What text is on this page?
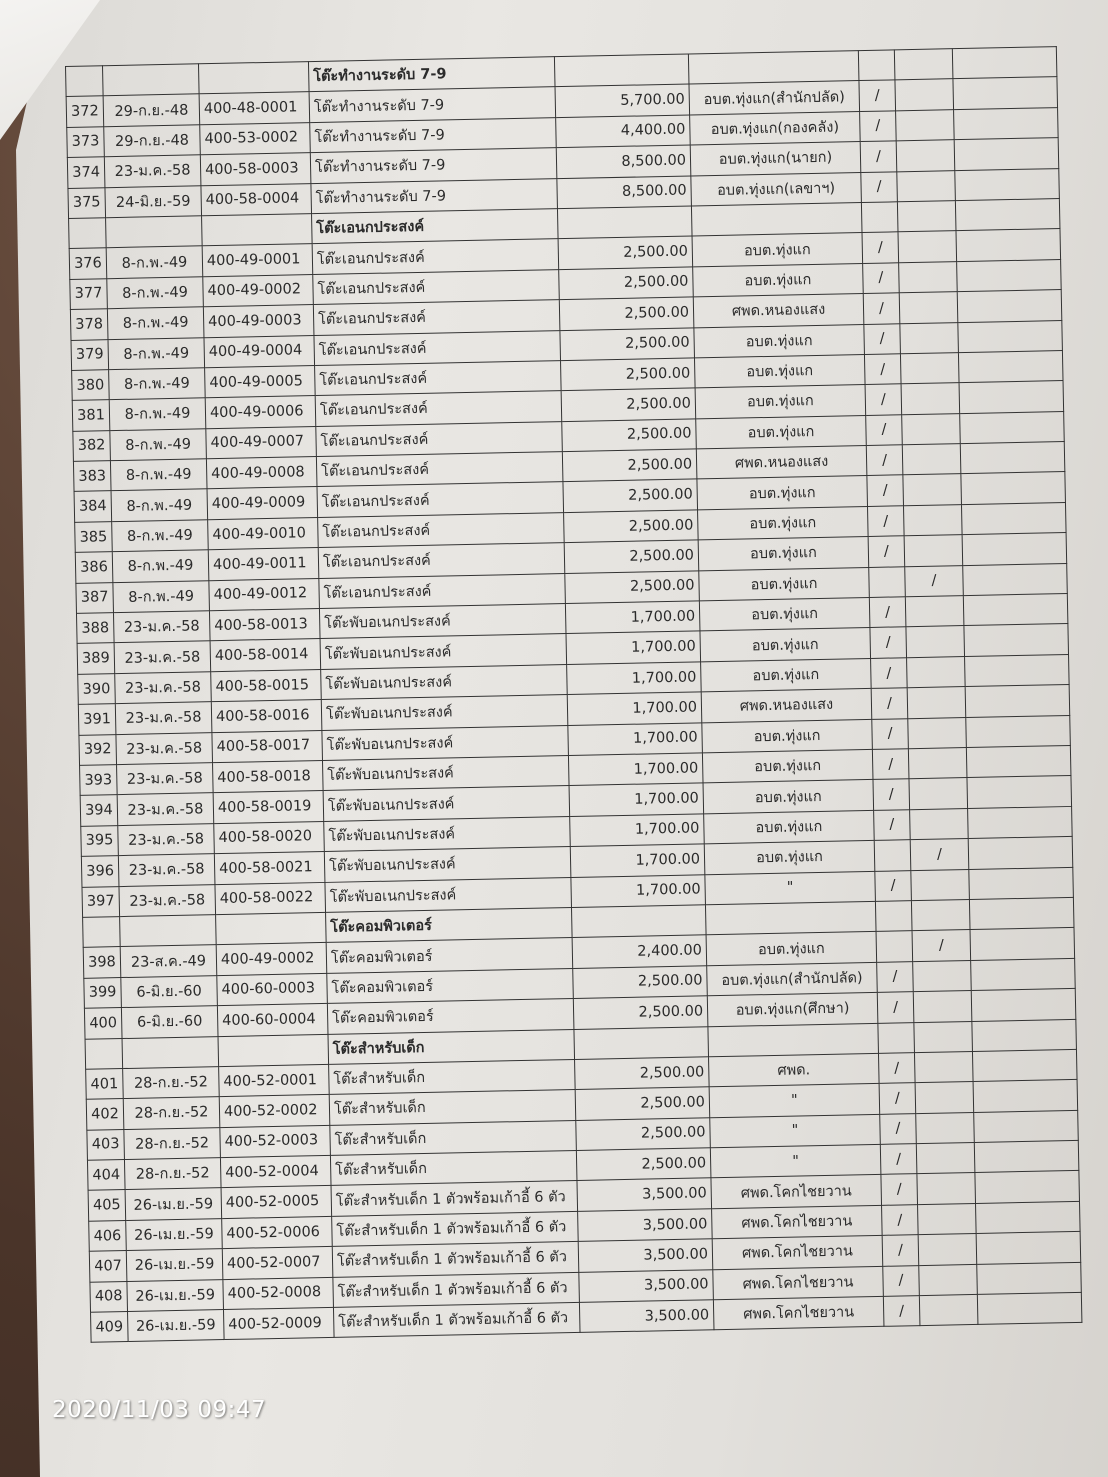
			โต๊ะทำงานระดับ 7-9					
372	29-ก.ย.-48	400-48-0001	โต๊ะทำงานระดับ 7-9	5,700.00	อบต.ทุ่งแก(สำนักปลัด)	/		
373	29-ก.ย.-48	400-53-0002	โต๊ะทำงานระดับ 7-9	4,400.00	อบต.ทุ่งแก(กองคลัง)	/		
374	23-ม.ค.-58	400-58-0003	โต๊ะทำงานระดับ 7-9	8,500.00	อบต.ทุ่งแก(นายก)	/		
375	24-มิ.ย.-59	400-58-0004	โต๊ะทำงานระดับ 7-9	8,500.00	อบต.ทุ่งแก(เลขาฯ)	/		
			โต๊ะเอนกประสงค์					
376	8-ก.พ.-49	400-49-0001	โต๊ะเอนกประสงค์	2,500.00	อบต.ทุ่งแก	/		
377	8-ก.พ.-49	400-49-0002	โต๊ะเอนกประสงค์	2,500.00	อบต.ทุ่งแก	/		
378	8-ก.พ.-49	400-49-0003	โต๊ะเอนกประสงค์	2,500.00	ศพด.หนองแสง	/		
379	8-ก.พ.-49	400-49-0004	โต๊ะเอนกประสงค์	2,500.00	อบต.ทุ่งแก	/		
380	8-ก.พ.-49	400-49-0005	โต๊ะเอนกประสงค์	2,500.00	อบต.ทุ่งแก	/		
381	8-ก.พ.-49	400-49-0006	โต๊ะเอนกประสงค์	2,500.00	อบต.ทุ่งแก	/		
382	8-ก.พ.-49	400-49-0007	โต๊ะเอนกประสงค์	2,500.00	อบต.ทุ่งแก	/		
383	8-ก.พ.-49	400-49-0008	โต๊ะเอนกประสงค์	2,500.00	ศพด.หนองแสง	/		
384	8-ก.พ.-49	400-49-0009	โต๊ะเอนกประสงค์	2,500.00	อบต.ทุ่งแก	/		
385	8-ก.พ.-49	400-49-0010	โต๊ะเอนกประสงค์	2,500.00	อบต.ทุ่งแก	/		
386	8-ก.พ.-49	400-49-0011	โต๊ะเอนกประสงค์	2,500.00	อบต.ทุ่งแก	/		
387	8-ก.พ.-49	400-49-0012	โต๊ะเอนกประสงค์	2,500.00	อบต.ทุ่งแก		/	
388	23-ม.ค.-58	400-58-0013	โต๊ะพับอเนกประสงค์	1,700.00	อบต.ทุ่งแก	/		
389	23-ม.ค.-58	400-58-0014	โต๊ะพับอเนกประสงค์	1,700.00	อบต.ทุ่งแก	/		
390	23-ม.ค.-58	400-58-0015	โต๊ะพับอเนกประสงค์	1,700.00	อบต.ทุ่งแก	/		
391	23-ม.ค.-58	400-58-0016	โต๊ะพับอเนกประสงค์	1,700.00	ศพด.หนองแสง	/		
392	23-ม.ค.-58	400-58-0017	โต๊ะพับอเนกประสงค์	1,700.00	อบต.ทุ่งแก	/		
393	23-ม.ค.-58	400-58-0018	โต๊ะพับอเนกประสงค์	1,700.00	อบต.ทุ่งแก	/		
394	23-ม.ค.-58	400-58-0019	โต๊ะพับอเนกประสงค์	1,700.00	อบต.ทุ่งแก	/		
395	23-ม.ค.-58	400-58-0020	โต๊ะพับอเนกประสงค์	1,700.00	อบต.ทุ่งแก	/		
396	23-ม.ค.-58	400-58-0021	โต๊ะพับอเนกประสงค์	1,700.00	อบต.ทุ่งแก		/	
397	23-ม.ค.-58	400-58-0022	โต๊ะพับอเนกประสงค์	1,700.00	"	/		
			โต๊ะคอมพิวเตอร์					
398	23-ส.ค.-49	400-49-0002	โต๊ะคอมพิวเตอร์	2,400.00	อบต.ทุ่งแก		/	
399	6-มิ.ย.-60	400-60-0003	โต๊ะคอมพิวเตอร์	2,500.00	อบต.ทุ่งแก(สำนักปลัด)	/		
400	6-มิ.ย.-60	400-60-0004	โต๊ะคอมพิวเตอร์	2,500.00	อบต.ทุ่งแก(ศึกษา)	/		
			โต๊ะสำหรับเด็ก					
401	28-ก.ย.-52	400-52-0001	โต๊ะสำหรับเด็ก	2,500.00	ศพด.	/		
402	28-ก.ย.-52	400-52-0002	โต๊ะสำหรับเด็ก	2,500.00	"	/		
403	28-ก.ย.-52	400-52-0003	โต๊ะสำหรับเด็ก	2,500.00	"	/		
404	28-ก.ย.-52	400-52-0004	โต๊ะสำหรับเด็ก	2,500.00	"	/		
405	26-เม.ย.-59	400-52-0005	โต๊ะสำหรับเด็ก 1 ตัวพร้อมเก้าอี้ 6 ตัว	3,500.00	ศพด.โคกไชยวาน	/		
406	26-เม.ย.-59	400-52-0006	โต๊ะสำหรับเด็ก 1 ตัวพร้อมเก้าอี้ 6 ตัว	3,500.00	ศพด.โคกไชยวาน	/		
407	26-เม.ย.-59	400-52-0007	โต๊ะสำหรับเด็ก 1 ตัวพร้อมเก้าอี้ 6 ตัว	3,500.00	ศพด.โคกไชยวาน	/		
408	26-เม.ย.-59	400-52-0008	โต๊ะสำหรับเด็ก 1 ตัวพร้อมเก้าอี้ 6 ตัว	3,500.00	ศพด.โคกไชยวาน	/		
409	26-เม.ย.-59	400-52-0009	โต๊ะสำหรับเด็ก 1 ตัวพร้อมเก้าอี้ 6 ตัว	3,500.00	ศพด.โคกไชยวาน	/		
2020/11/03 09:47
